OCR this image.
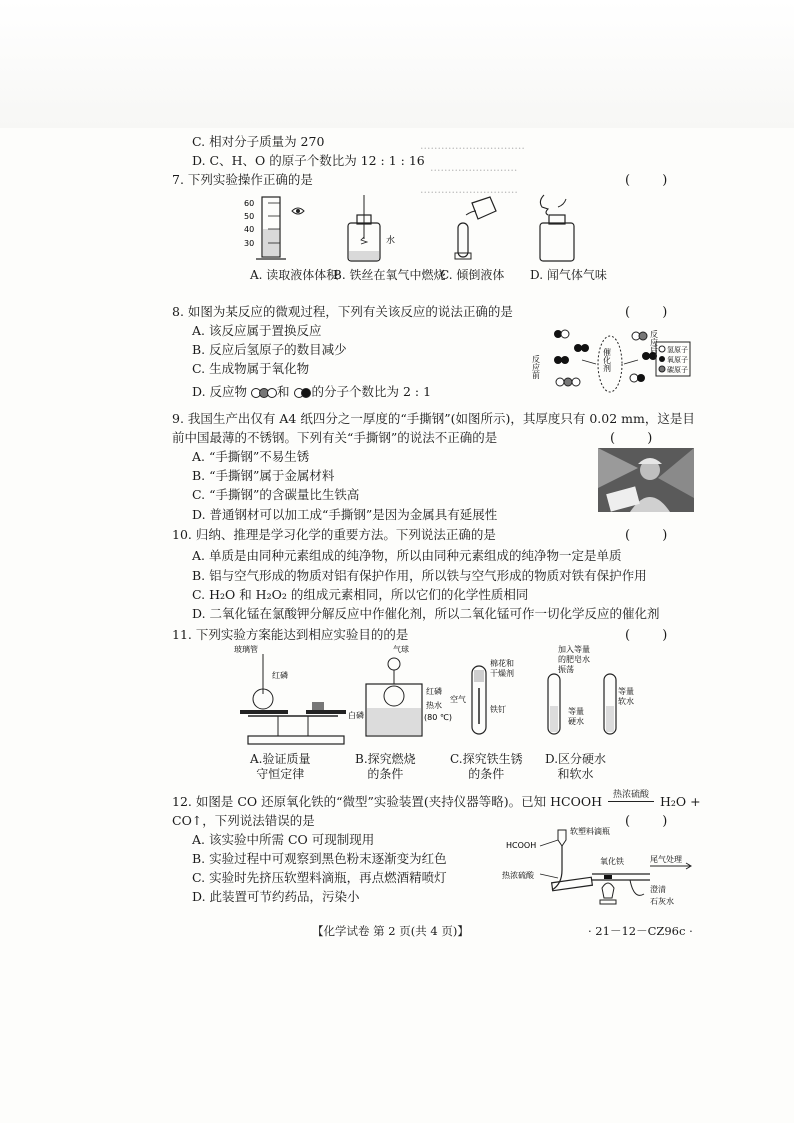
······························
·························
····························
C. 相对分子质量为 270
D. C、H、O 的原子个数比为 12 : 1 : 16
7. 下列实验操作正确的是	( )
60
50
40
30	水
A. 读取液体体积
B. 铁丝在氧气中燃烧
C. 倾倒液体 D. 闻气体气味
8. 如图为某反应的微观过程，下列有关该反应的说法正确的是	( )
A. 该反应属于置换反应
B. 反应后氢原子的数目减少
C. 生成物属于氧化物
D. 反应物 和 的分子个数比为 2 : 1
反应前	催化剂
反应后 氢原子
氧原子
碳原子
9. 我国生产出仅有 A4 纸四分之一厚度的“手撕钢”(如图所示)，其厚度只有 0.02 mm，这是目
前中国最薄的不锈钢。下列有关“手撕钢”的说法不正确的是	( )
A. “手撕钢”不易生锈
B. “手撕钢”属于金属材料
C. “手撕钢”的含碳量比生铁高
D. 普通钢材可以加工成“手撕钢”是因为金属具有延展性
10. 归纳、推理是学习化学的重要方法。下列说法正确的是	( )
A. 单质是由同种元素组成的纯净物，所以由同种元素组成的纯净物一定是单质
B. 铝与空气形成的物质对铝有保护作用，所以铁与空气形成的物质对铁有保护作用
C. H₂O 和 H₂O₂ 的组成元素相同，所以它们的化学性质相同
D. 二氧化锰在氯酸钾分解反应中作催化剂，所以二氧化锰可作一切化学反应的催化剂
11. 下列实验方案能达到相应实验目的的是	( )
玻璃管
红磷
气球
白磷
红磷
热水
(80 ℃)
棉花和
干燥剂
空气
铁钉
加入等量
的肥皂水
振荡
等量
硬水
等量
软水
A.验证质量
守恒定律
B.探究燃烧
的条件
C.探究铁生锈
的条件
D.区分硬水
和软水
12. 如图是 CO 还原氧化铁的“微型”实验装置(夹持仪器等略)。已知 HCOOH	热浓硫酸 H₂O +
CO↑，下列说法错误的是	( )
A. 该实验中所需 CO 可现制现用
B. 实验过程中可观察到黑色粉末逐渐变为红色
C. 实验时先挤压软塑料滴瓶，再点燃酒精喷灯
D. 此装置可节约药品，污染小
HCOOH
软塑料滴瓶
热浓硫酸
氧化铁	尾气处理
澄清
石灰水
【化学试卷 第 2 页(共 4 页)】	· 21－12－CZ96c ·
